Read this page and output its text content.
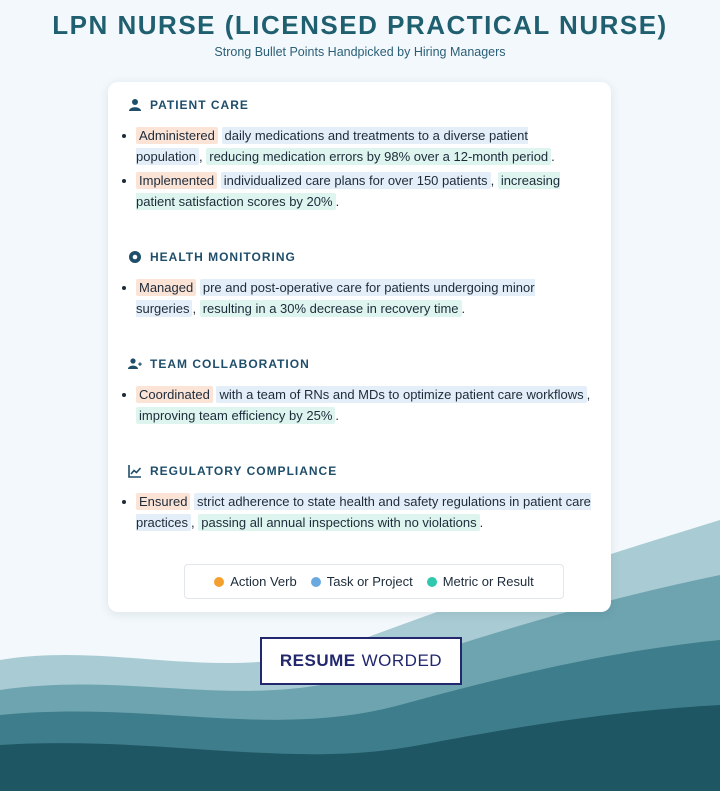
LPN NURSE (LICENSED PRACTICAL NURSE)
Strong Bullet Points Handpicked by Hiring Managers
PATIENT CARE
Administered daily medications and treatments to a diverse patient population , reducing medication errors by 98% over a 12-month period .
Implemented individualized care plans for over 150 patients , increasing patient satisfaction scores by 20% .
HEALTH MONITORING
Managed pre and post-operative care for patients undergoing minor surgeries , resulting in a 30% decrease in recovery time .
TEAM COLLABORATION
Coordinated with a team of RNs and MDs to optimize patient care workflows , improving team efficiency by 25% .
REGULATORY COMPLIANCE
Ensured strict adherence to state health and safety regulations in patient care practices , passing all annual inspections with no violations .
Action Verb Task or Project Metric or Result
RESUME WORDED
